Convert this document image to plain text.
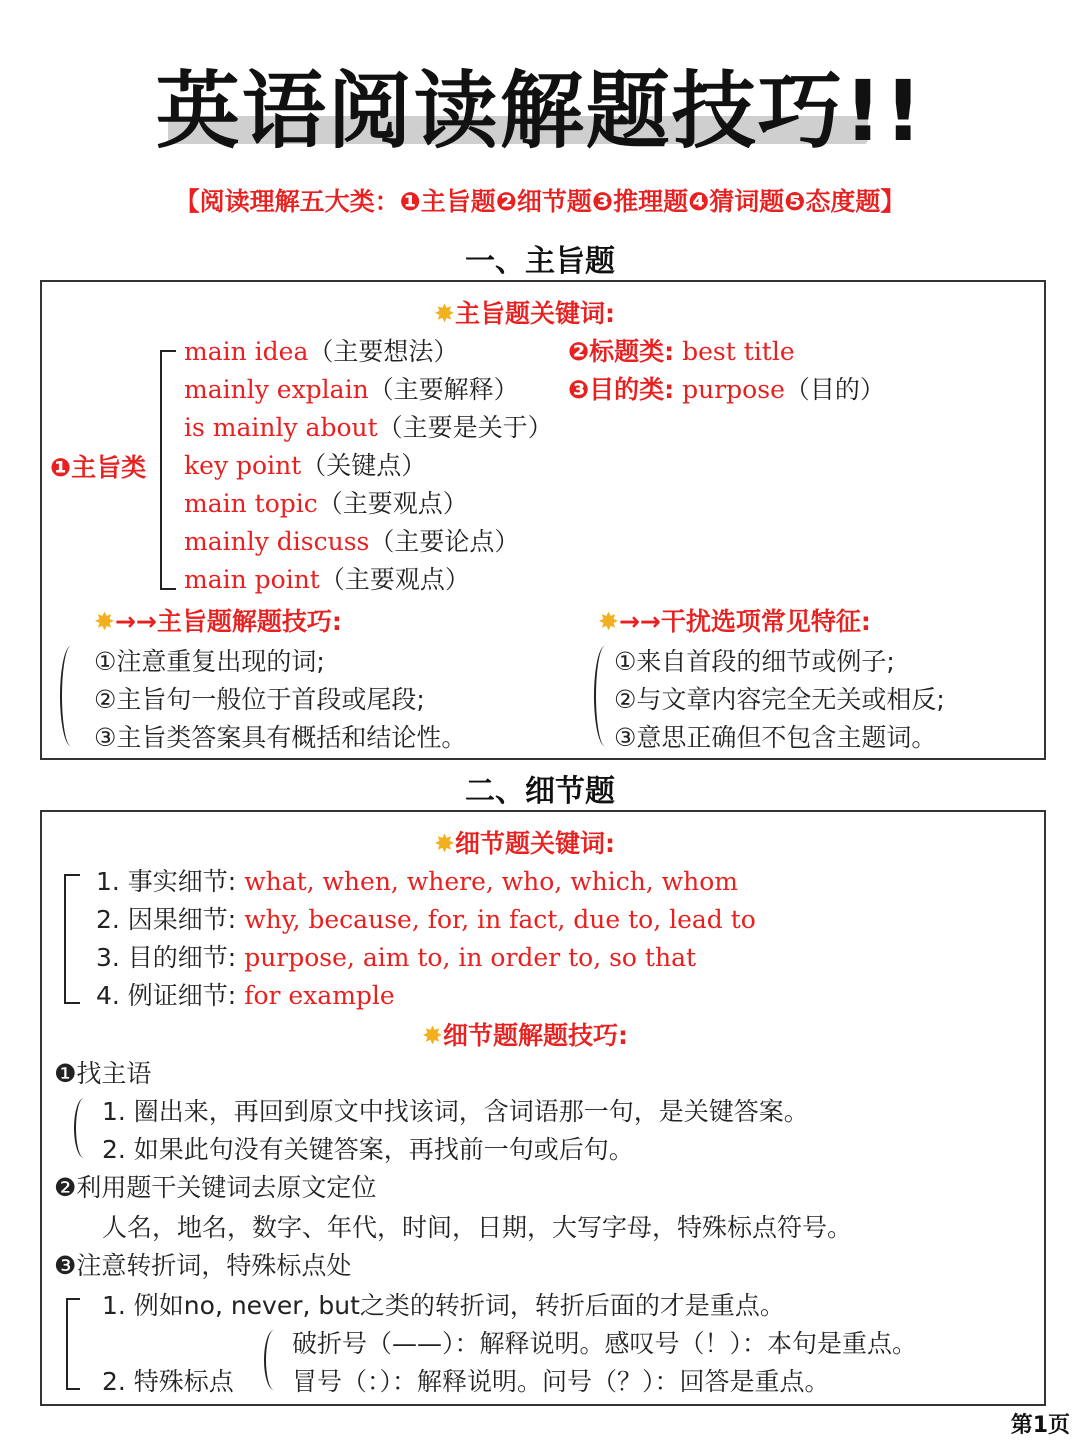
英语阅读解题技巧!!
【阅读理解五大类：❶主旨题❷细节题❸推理题❹猜词题❺态度题】
一、主旨题
✸主旨题关键词:
❶主旨类
main idea（主要想法）
mainly explain（主要解释）
is mainly about（主要是关于）
key point（关键点）
main topic（主要观点）
mainly discuss（主要论点）
main point（主要观点）
❷标题类: best title
❸目的类: purpose（目的）
✸→→主旨题解题技巧:
①注意重复出现的词;
②主旨句一般位于首段或尾段;
③主旨类答案具有概括和结论性。
✸→→干扰选项常见特征:
①来自首段的细节或例子;
②与文章内容完全无关或相反;
③意思正确但不包含主题词。
二、细节题
✸细节题关键词:
1. 事实细节: what, when, where, who, which, whom
2. 因果细节: why, because, for, in fact, due to, lead to
3. 目的细节: purpose, aim to, in order to, so that
4. 例证细节: for example
✸细节题解题技巧:
❶找主语
1. 圈出来，再回到原文中找该词，含词语那一句，是关键答案。
2. 如果此句没有关键答案，再找前一句或后句。
❷利用题干关键词去原文定位
人名，地名，数字、年代，时间，日期，大写字母，特殊标点符号。
❸注意转折词，特殊标点处
1. 例如no, never, but之类的转折词，转折后面的才是重点。
2. 特殊标点
破折号（——）：解释说明。感叹号（！）：本句是重点。
冒号（：）：解释说明。问号（？）：回答是重点。
第1页
